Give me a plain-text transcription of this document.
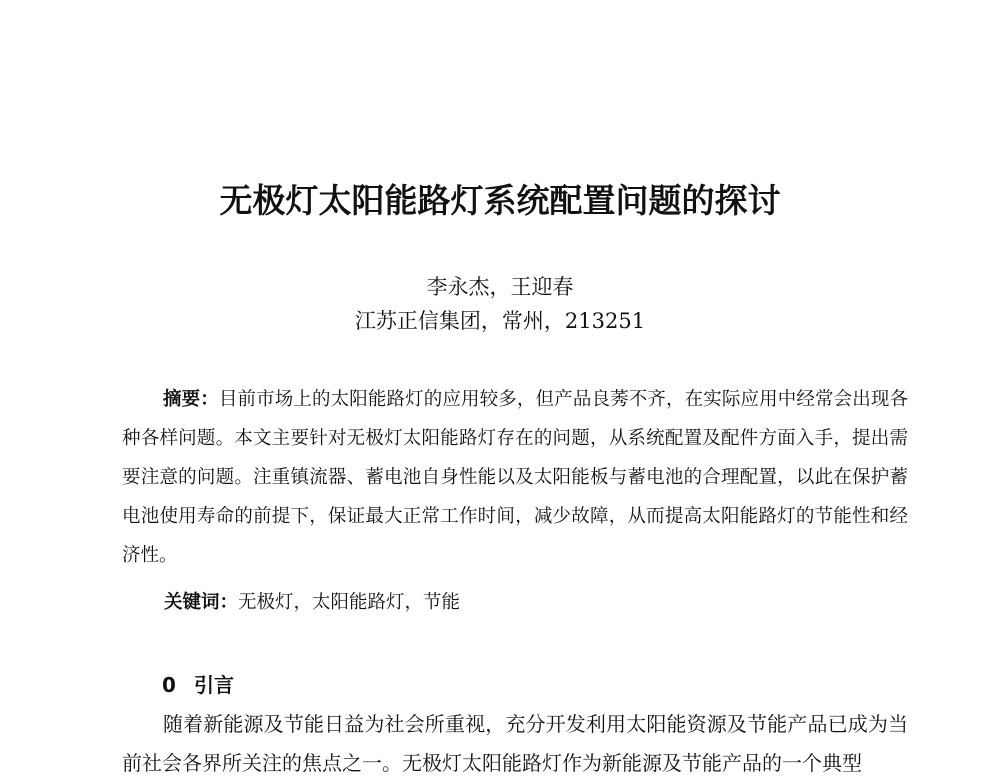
无极灯太阳能路灯系统配置问题的探讨
李永杰，王迎春
江苏正信集团，常州，213251
摘要：目前市场上的太阳能路灯的应用较多，但产品良莠不齐，在实际应用中经常会出现各种各样问题。本文主要针对无极灯太阳能路灯存在的问题，从系统配置及配件方面入手，提出需要注意的问题。注重镇流器、蓄电池自身性能以及太阳能板与蓄电池的合理配置，以此在保护蓄电池使用寿命的前提下，保证最大正常工作时间，减少故障，从而提高太阳能路灯的节能性和经济性。
关键词：无极灯，太阳能路灯，节能
0 引言
随着新能源及节能日益为社会所重视，充分开发利用太阳能资源及节能产品已成为当前社会各界所关注的焦点之一。无极灯太阳能路灯作为新能源及节能产品的一个典型
